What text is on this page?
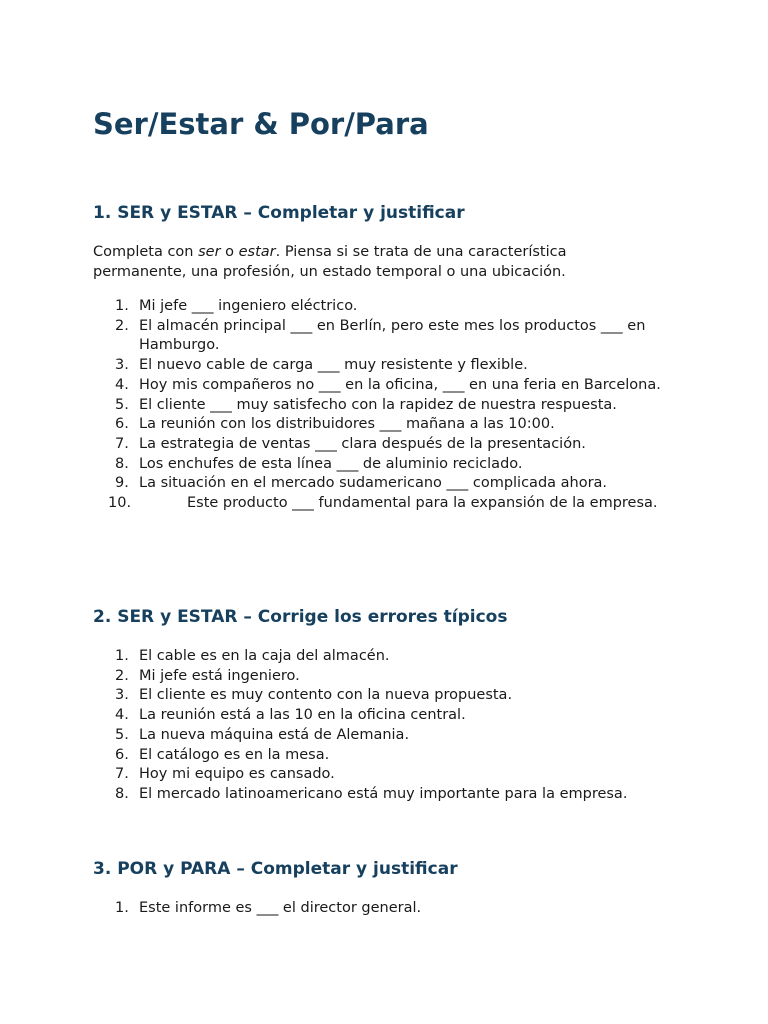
Ser/Estar & Por/Para
1. SER y ESTAR – Completar y justificar

Completa con ser o estar. Piensa si se trata de una característica permanente, una profesión, un estado temporal o una ubicación.

1. Mi jefe ___ ingeniero eléctrico.
2. El almacén principal ___ en Berlín, pero este mes los productos ___ en Hamburgo.
3. El nuevo cable de carga ___ muy resistente y flexible.
4. Hoy mis compañeros no ___ en la oficina, ___ en una feria en Barcelona.
5. El cliente ___ muy satisfecho con la rapidez de nuestra respuesta.
6. La reunión con los distribuidores ___ mañana a las 10:00.
7. La estrategia de ventas ___ clara después de la presentación.
8. Los enchufes de esta línea ___ de aluminio reciclado.
9. La situación en el mercado sudamericano ___ complicada ahora.
10.	Este producto ___ fundamental para la expansión de la empresa.
2. SER y ESTAR – Corrige los errores típicos
1. El cable es en la caja del almacén.
2. Mi jefe está ingeniero.
3. El cliente es muy contento con la nueva propuesta.
4. La reunión está a las 10 en la oficina central.
5. La nueva máquina está de Alemania.
6. El catálogo es en la mesa.
7. Hoy mi equipo es cansado.
8. El mercado latinoamericano está muy importante para la empresa.
3. POR y PARA – Completar y justificar
1. Este informe es ___ el director general.
